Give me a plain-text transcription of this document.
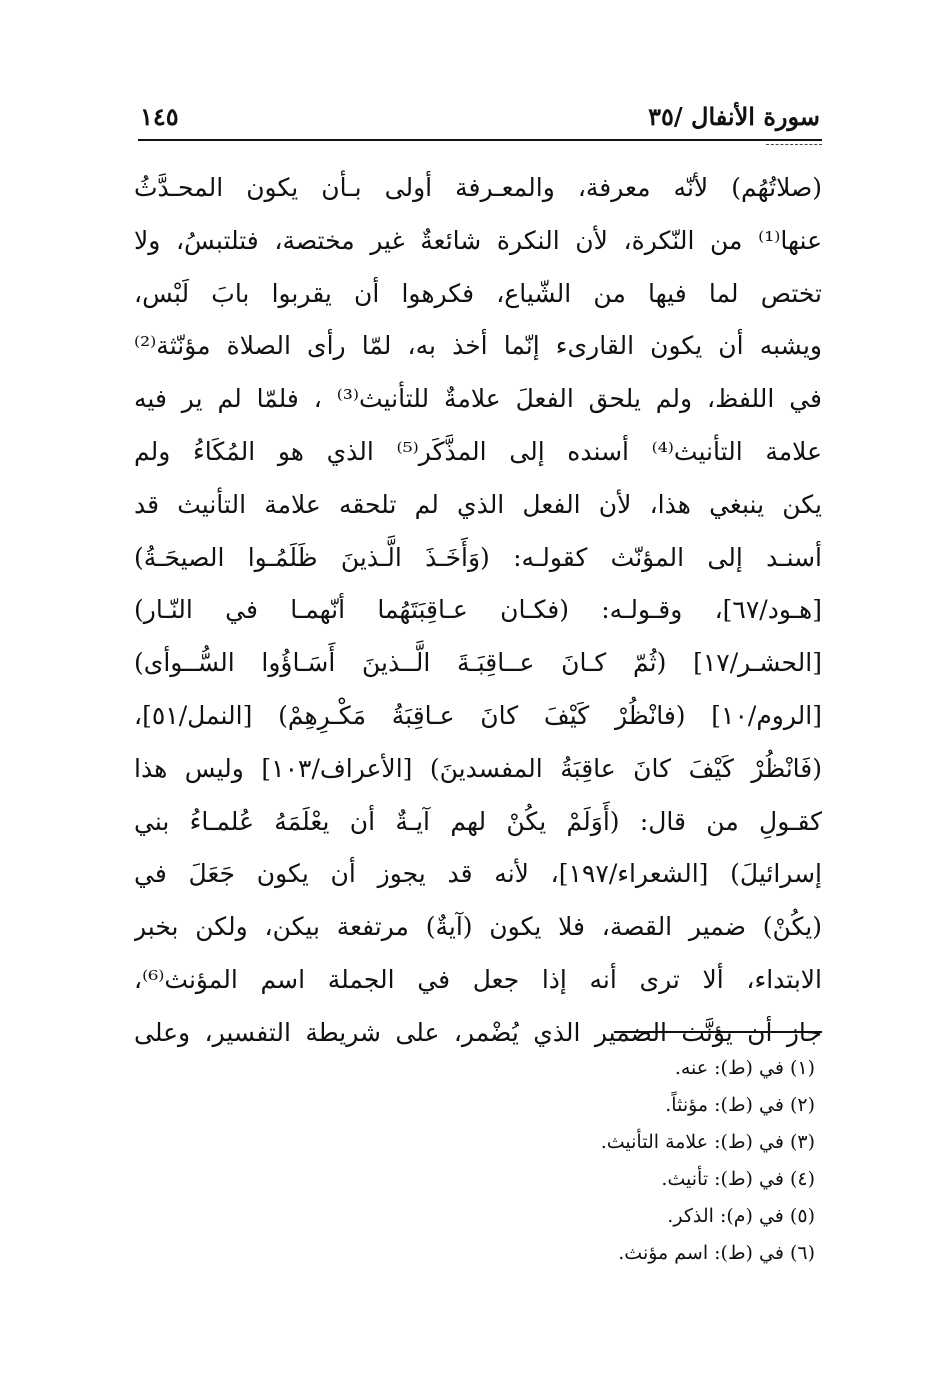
سورة الأنفال /٣٥
١٤٥
(صلاتُهُم) لأنّه معرفة، والمعـرفة أولى بـأن يكون المحـدَّثُ
عنها⁽¹⁾ من النّكرة، لأن النكرة شائعةٌ غير مختصة، فتلتبسُ، ولا
تختص لما فيها من الشّياع، فكرهوا أن يقربوا بابَ لَبْس،
ويشبه أن يكون القارىء إنّما أخذ به، لمّا رأى الصلاة مؤنّثة⁽²⁾
في اللفظ، ولم يلحق الفعلَ علامةٌ للتأنيث⁽³⁾ ، فلمّا لم ير فيه
علامة التأنيث⁽⁴⁾ أسنده إلى المذَّكَر⁽⁵⁾ الذي هو المُكَاءُ ولم
يكن ينبغي هذا، لأن الفعل الذي لم تلحقه علامة التأنيث قد
أسنـد إلى المؤنّث كقولـه: (وَأَخَـذَ الَّـذينَ ظَلَمُـوا الصيحَـةُ)
[هـود/٦٧]، وقـولـه: (فكـان عـاقِبَتَهُما أنّهمـا في النّـار)
[الحشـر/١٧] (ثُمّ كـانَ عــاقِبَـةَ الَّــذينَ أَسَـاؤُوا السُّــوأى)
[الروم/١٠] (فانْظُرْ كَيْفَ كانَ عـاقِبَةُ مَكْـرِهِمْ) [النمل/٥١]،
(فَانْظُرْ كَيْفَ كانَ عاقِبَةُ المفسدينَ) [الأعراف/١٠٣] وليس هذا
كقـولِ من قال: (أَوَلَمْ يكُنْ لهم آيـةٌ أن يعْلَمَهُ عُلمـاءُ بني
إسرائيلَ) [الشعراء/١٩٧]، لأنه قد يجوز أن يكون جَعَلَ في
(يكُنْ) ضمير القصة، فلا يكون (آيةٌ) مرتفعة بيكن، ولكن بخبر
الابتداء، ألا ترى أنه إذا جعل في الجملة اسم المؤنث⁽⁶⁾،
جاز أن يؤنَّث الضمير الذي يُضْمر، على شريطة التفسير، وعلى
(١) في (ط): عنه.
(٢) في (ط): مؤنثاً.
(٣) في (ط): علامة التأنيث.
(٤) في (ط): تأنيث.
(٥) في (م): الذكر.
(٦) في (ط): اسم مؤنث.
